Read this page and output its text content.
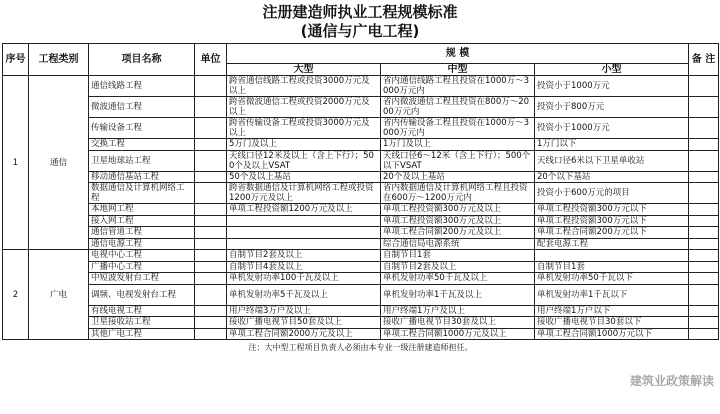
注册建造师执业工程规模标准
(通信与广电工程)
序号	工程类别	项目名称	单位	规 模			备 注
				大型	中型	小型	
1	通信	通信线路工程		跨省通信线路工程或投资3000万元及以上	省内通信线路工程且投资在1000万～3000万元内	投资小于1000万元	
		微波通信工程		跨省微波通信工程或投资2000万元及以上	省内微波通信工程且投资在800万～2000万元内	投资小于800万元	
		传输设备工程		跨省传输设备工程或投资3000万元及以上	省内传输设备工程且投资在1000万～3000万元内	投资小于1000万元	
		交换工程		5万门及以上	1万门及以上	1万门以下	
		卫星地球站工程		天线口径12米及以上（含上下行）；500个及以上VSAT	天线口径6～12米（含上下行）；500个以下VSAT	天线口径6米以下卫星单收站	
		移动通信基站工程		50个及以上基站	20个及以上基站	20个以下基站	
		数据通信及计算机网络工程		跨省数据通信及计算机网络工程或投资1200万元及以上	省内数据通信及计算机网络工程且投资在600万～1200万元内	投资小于600万元的项目	
		本地网工程		单项工程投资额1200万元及以上	单项工程投资额300万元及以上	单项工程投资额300万元以下	
		接入网工程			单项工程投资额300万元及以上	单项工程投资额300万元以下	
		通信管道工程			单项工程合同额200万元及以上	单项工程合同额200万元以下	
		通信电源工程			综合通信局电源系统	配套电源工程	
2	广电	电视中心工程		自制节目2套及以上	自制节目1套		
		广播中心工程		自制节目4套及以上	自制节目2套及以上	自制节目1套	
		中短波发射台工程		单机发射功率100千瓦及以上	单机发射功率50千瓦及以上	单机发射功率50千瓦以下	
		调频、电视发射台工程		单机发射功率5千瓦及以上	单机发射功率1千瓦及以上	单机发射功率1千瓦以下	
		有线电视工程		用户终端3万户及以上	用户终端1万户及以上	用户终端1万户以下	
		卫星接收站工程		接收广播电视节目50套及以上	接收广播电视节目30套及以上	接收广播电视节目30套以下	
		其他广电工程		单项工程合同额2000万元及以上	单项工程合同额1000万元及以上	单项工程合同额1000万元以下	
注：大中型工程项目负责人必须由本专业一级注册建造师担任。							
建筑业政策解读
